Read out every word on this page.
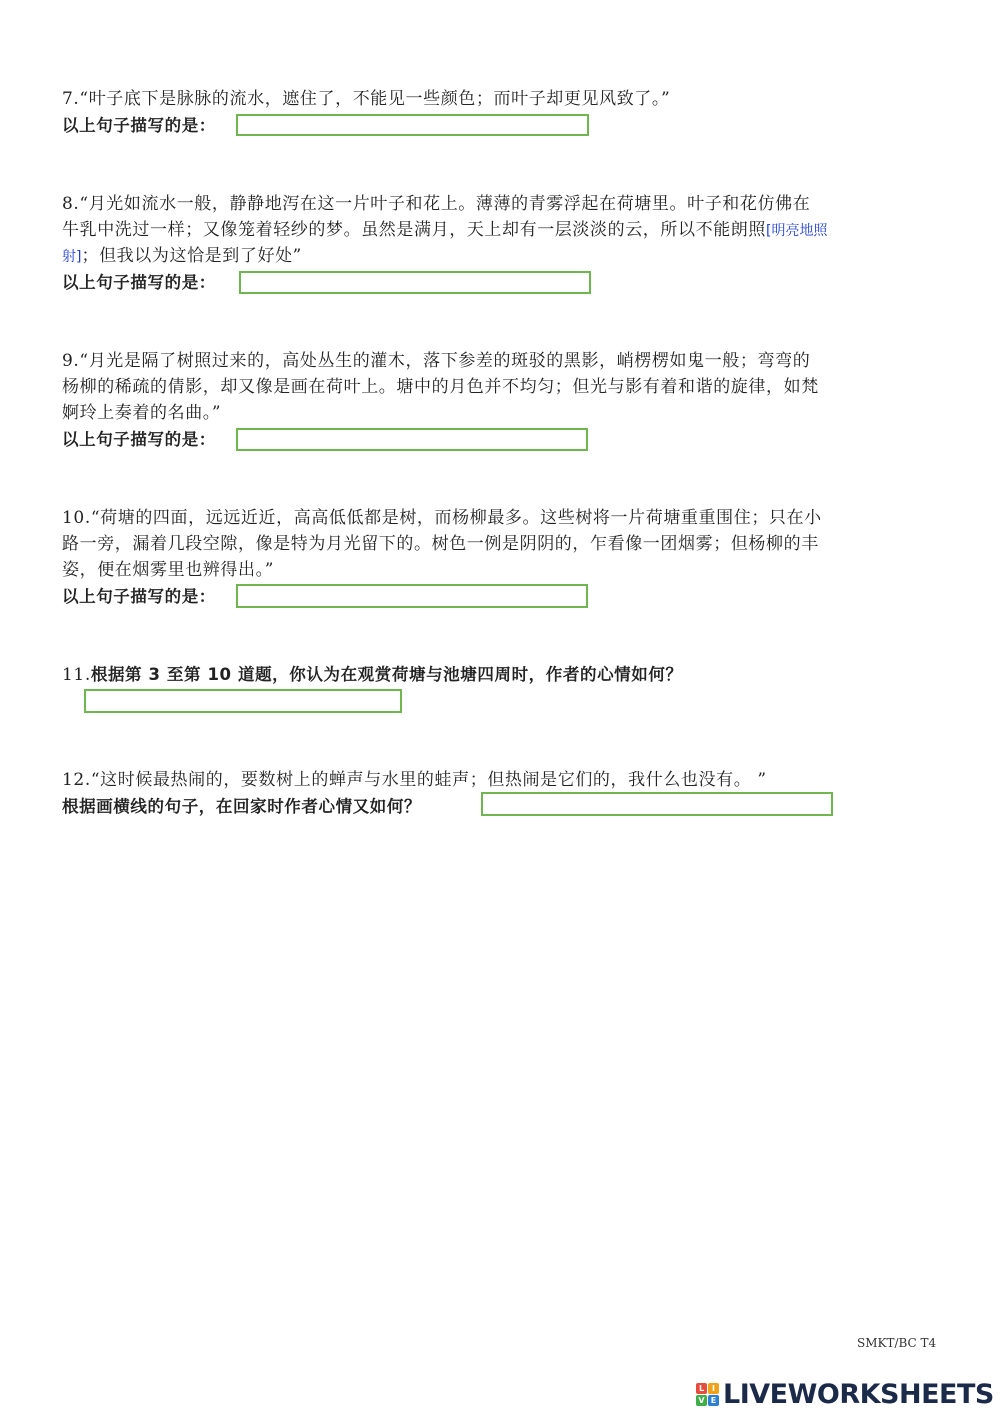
7.“叶子底下是脉脉的流水，遮住了，不能见一些颜色；而叶子却更见风致了。”
以上句子描写的是：
8.“月光如流水一般，静静地泻在这一片叶子和花上。薄薄的青雾浮起在荷塘里。叶子和花仿佛在
牛乳中洗过一样；又像笼着轻纱的梦。虽然是满月，天上却有一层淡淡的云，所以不能朗照[明亮地照
射]；但我以为这恰是到了好处”
以上句子描写的是：
9.“月光是隔了树照过来的，高处丛生的灌木，落下参差的斑驳的黑影，峭楞楞如鬼一般；弯弯的
杨柳的稀疏的倩影，却又像是画在荷叶上。塘中的月色并不均匀；但光与影有着和谐的旋律，如梵
婀玲上奏着的名曲。”
以上句子描写的是：
10.“荷塘的四面，远远近近，高高低低都是树，而杨柳最多。这些树将一片荷塘重重围住；只在小
路一旁，漏着几段空隙，像是特为月光留下的。树色一例是阴阴的，乍看像一团烟雾；但杨柳的丰
姿，便在烟雾里也辨得出。”
以上句子描写的是：
11.根据第 3 至第 10 道题，你认为在观赏荷塘与池塘四周时，作者的心情如何？
12.“这时候最热闹的，要数树上的蝉声与水里的蛙声；但热闹是它们的，我什么也没有。 ”
根据画横线的句子，在回家时作者心情又如何？
SMKT/BC T4
L I
V E LIVEWORKSHEETS
